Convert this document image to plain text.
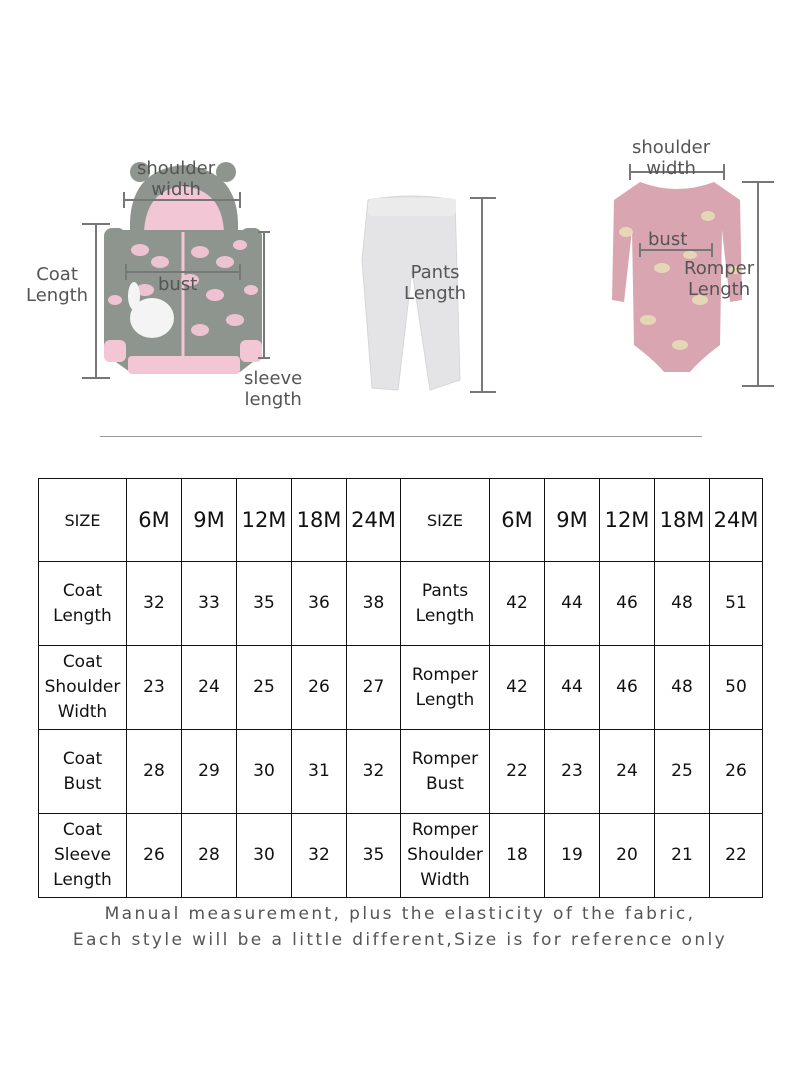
shoulder
width
bust
Coat
Length
sleeve
length
Pants
Length
shoulder
width
bust
Romper
Length
SIZE	6M	9M	12M	18M	24M	SIZE	6M	9M	12M	18M	24M

Coat
Length	32	33	35	36	38	Pants
Length	42	44	46	48	51

Coat
Shoulder
Width	23	24	25	26	27	Romper
Length	42	44	46	48	50

Coat
Bust	28	29	30	31	32	Romper
Bust	22	23	24	25	26

Coat
Sleeve
Length	26	28	30	32	35	Romper
Shoulder
Width	18	19	20	21	22
Manual measurement, plus the elasticity of the fabric,
Each style will be a little different,Size is for reference only
